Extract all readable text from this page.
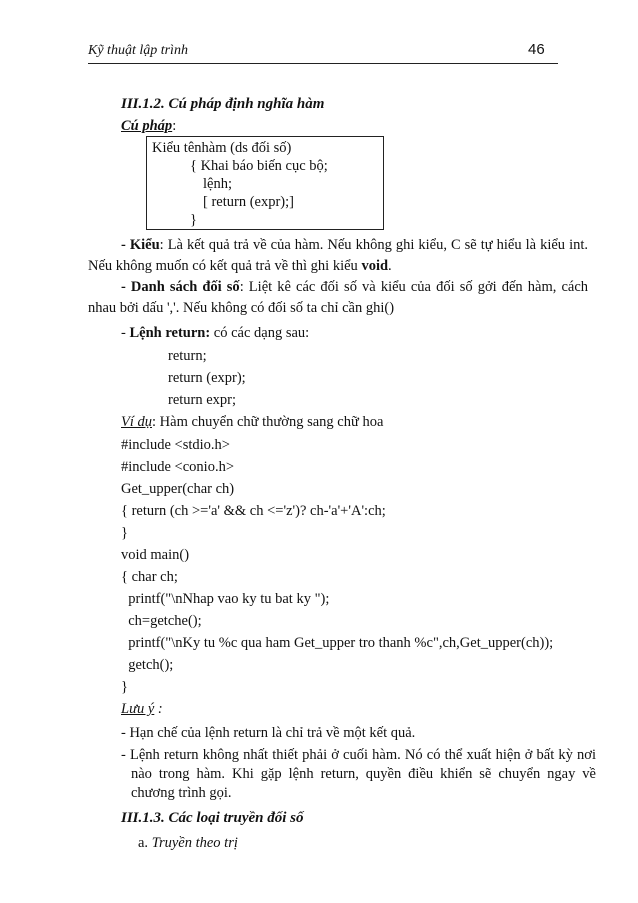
Kỹ thuật lập trình	46
III.1.2. Cú pháp định nghĩa hàm
Cú pháp:
Kiểu tênhàm (ds đối số)
{ Khai báo biến cục bộ;
lệnh;
[ return (expr);]
}
- Kiểu: Là kết quả trả về của hàm. Nếu không ghi kiểu, C sẽ tự hiểu là kiểu int. Nếu không muốn có kết quả trả về thì ghi kiểu void.
- Danh sách đối số: Liệt kê các đối số và kiểu của đối số gởi đến hàm, cách nhau bởi dấu ','. Nếu không có đối số ta chỉ cần ghi()
- Lệnh return: có các dạng sau:
return;
return (expr);
return expr;
Ví dụ: Hàm chuyển chữ thường sang chữ hoa
#include <stdio.h>
#include <conio.h>
Get_upper(char ch)
{ return (ch >='a' && ch <='z')? ch-'a'+'A':ch;
}
void main()
{ char ch;
printf("\nNhap vao ky tu bat ky ");
ch=getche();
printf("\nKy tu %c qua ham Get_upper tro thanh %c",ch,Get_upper(ch));
getch();
}
Lưu ý :
- Hạn chế của lệnh return là chỉ trả về một kết quả.
- Lệnh return không nhất thiết phải ở cuối hàm. Nó có thể xuất hiện ở bất kỳ nơi nào trong hàm. Khi gặp lệnh return, quyền điều khiển sẽ chuyển ngay về chương trình gọi.
III.1.3. Các loại truyền đối số
a. Truyền theo trị
